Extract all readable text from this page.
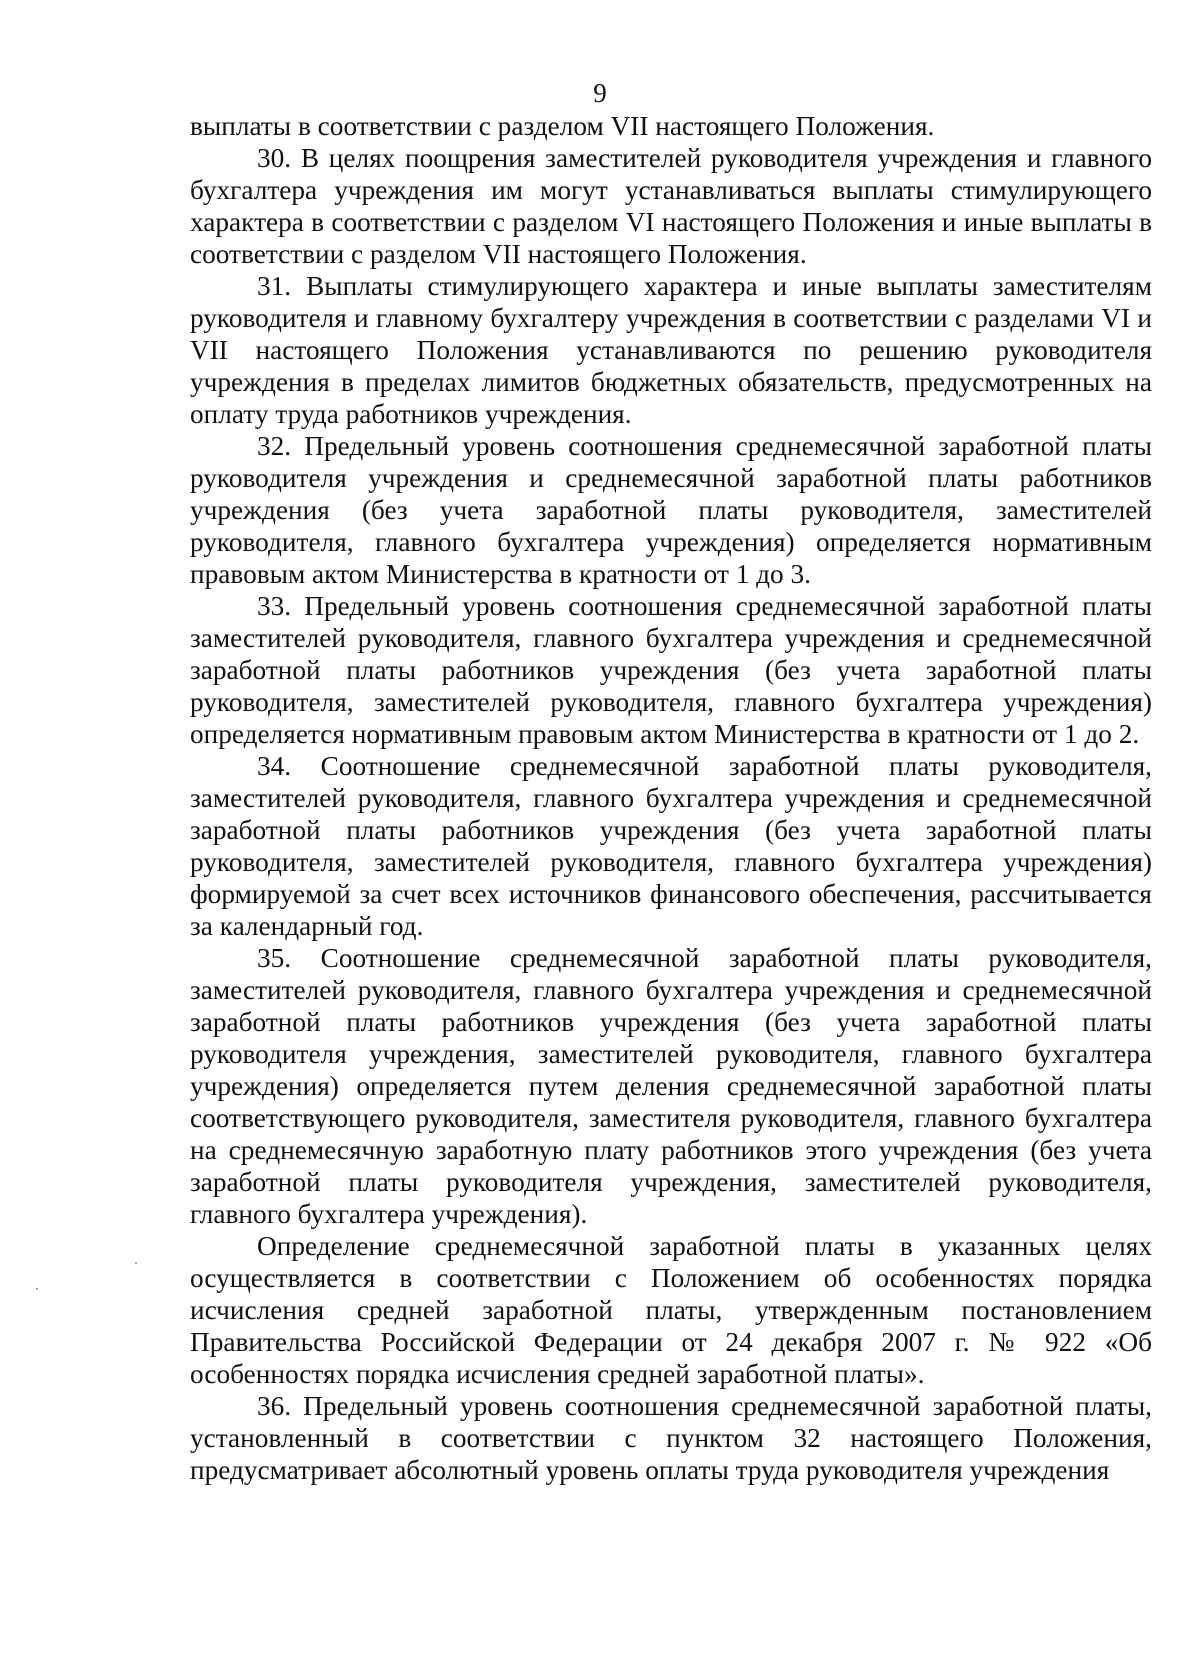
9

выплаты в соответствии с разделом VII настоящего Положения.

30. В целях поощрения заместителей руководителя учреждения и главного бухгалтера учреждения им могут устанавливаться выплаты стимулирующего характера в соответствии с разделом VI настоящего Положения и иные выплаты в соответствии с разделом VII настоящего Положения.

31. Выплаты стимулирующего характера и иные выплаты заместителям руководителя и главному бухгалтеру учреждения в соответствии с разделами VI и VII настоящего Положения устанавливаются по решению руководителя учреждения в пределах лимитов бюджетных обязательств, предусмотренных на оплату труда работников учреждения.

32. Предельный уровень соотношения среднемесячной заработной платы руководителя учреждения и среднемесячной заработной платы работников учреждения (без учета заработной платы руководителя, заместителей руководителя, главного бухгалтера учреждения) определяется нормативным правовым актом Министерства в кратности от 1 до 3.

33. Предельный уровень соотношения среднемесячной заработной платы заместителей руководителя, главного бухгалтера учреждения и среднемесячной заработной платы работников учреждения (без учета заработной платы руководителя, заместителей руководителя, главного бухгалтера учреждения) определяется нормативным правовым актом Министерства в кратности от 1 до 2.

34. Соотношение среднемесячной заработной платы руководителя, заместителей руководителя, главного бухгалтера учреждения и среднемесячной заработной платы работников учреждения (без учета заработной платы руководителя, заместителей руководителя, главного бухгалтера учреждения) формируемой за счет всех источников финансового обеспечения, рассчитывается за календарный год.

35. Соотношение среднемесячной заработной платы руководителя, заместителей руководителя, главного бухгалтера учреждения и среднемесячной заработной платы работников учреждения (без учета заработной платы руководителя учреждения, заместителей руководителя, главного бухгалтера учреждения) определяется путем деления среднемесячной заработной платы соответствующего руководителя, заместителя руководителя, главного бухгалтера на среднемесячную заработную плату работников этого учреждения (без учета заработной платы руководителя учреждения, заместителей руководителя, главного бухгалтера учреждения).

Определение среднемесячной заработной платы в указанных целях осуществляется в соответствии с Положением об особенностях порядка исчисления средней заработной платы, утвержденным постановлением Правительства Российской Федерации от 24 декабря 2007 г. № 922 «Об особенностях порядка исчисления средней заработной платы».

36. Предельный уровень соотношения среднемесячной заработной платы, установленный в соответствии с пунктом 32 настоящего Положения, предусматривает абсолютный уровень оплаты труда руководителя учреждения
